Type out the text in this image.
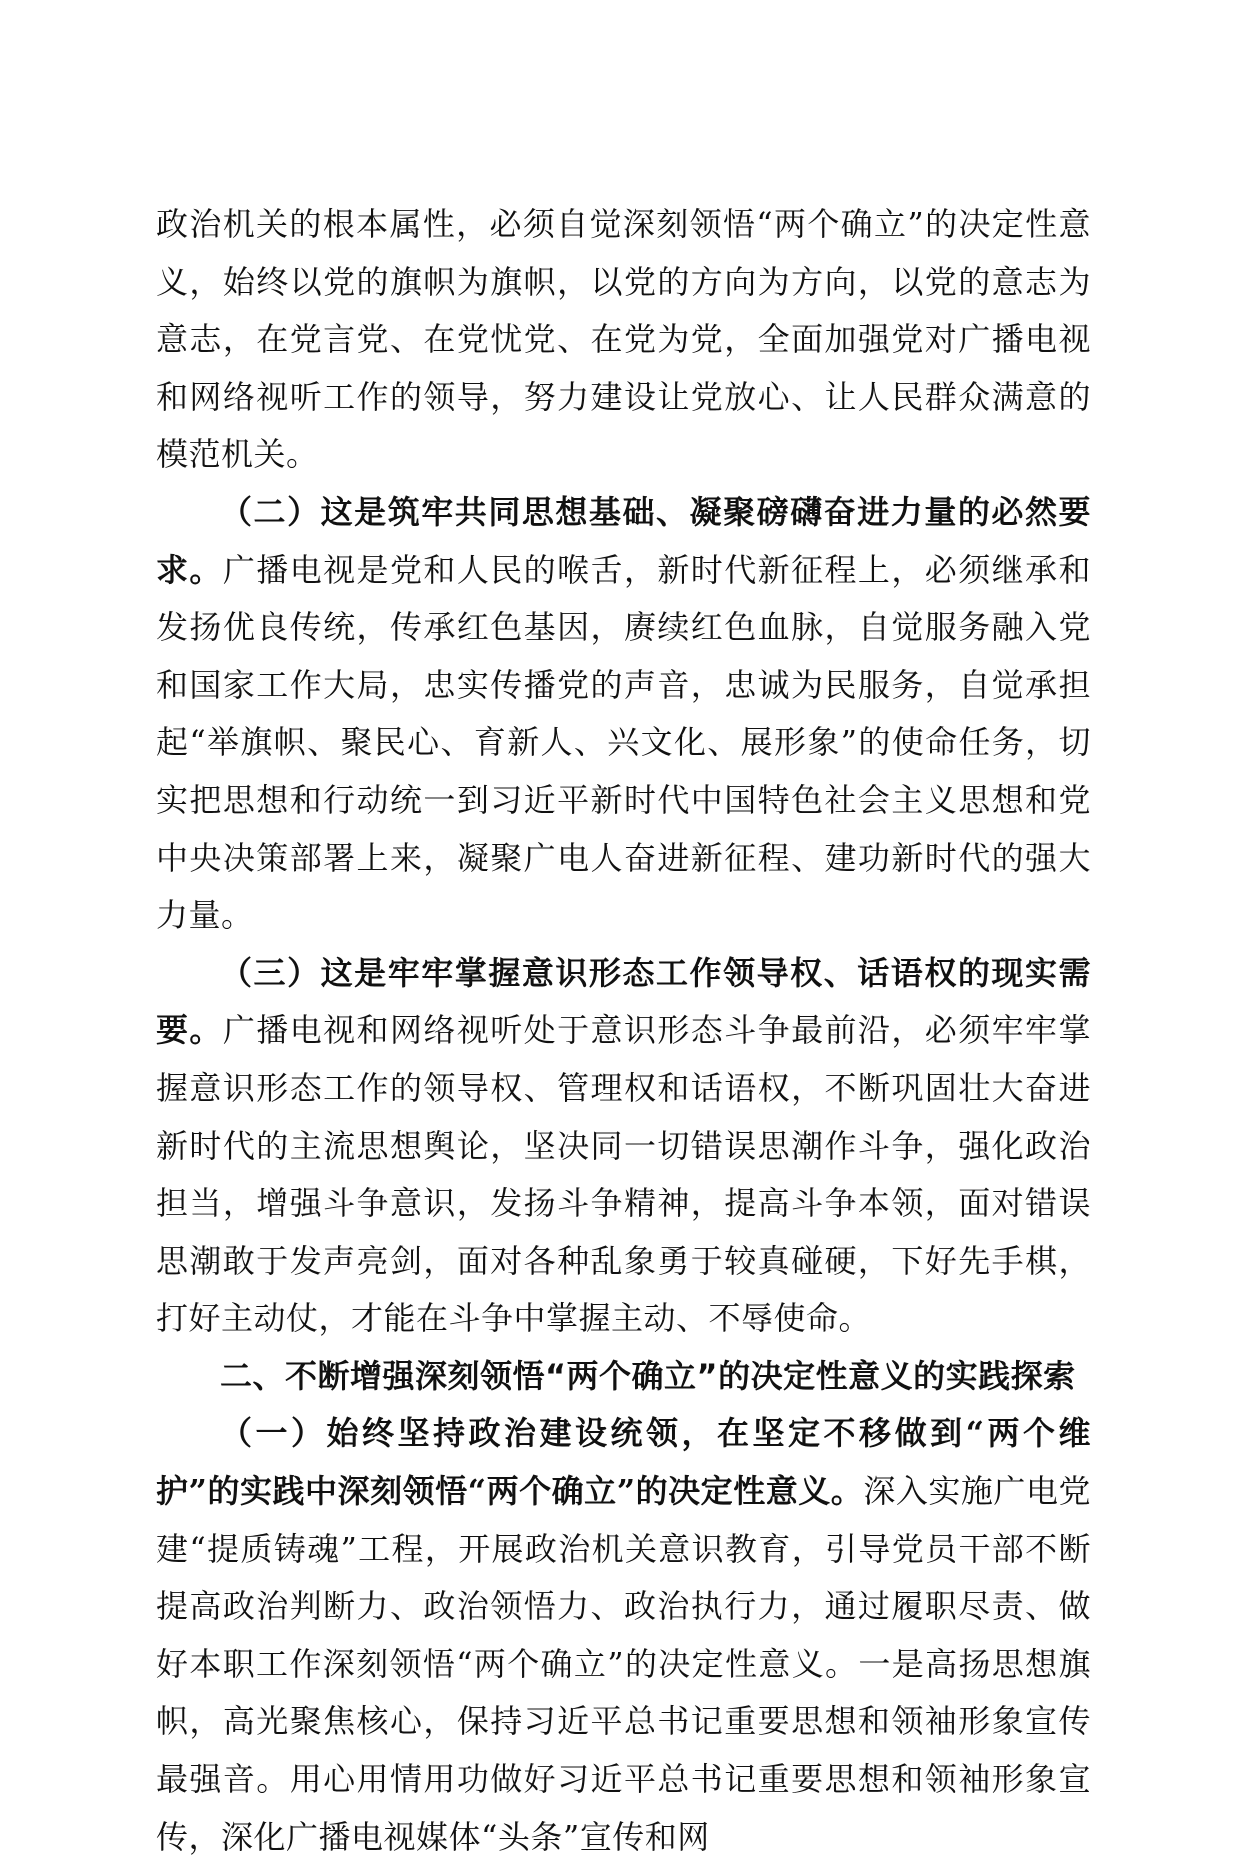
政治机关的根本属性，必须自觉深刻领悟“两个确立”的决定性意义，始终以党的旗帜为旗帜，以党的方向为方向，以党的意志为意志，在党言党、在党忧党、在党为党，全面加强党对广播电视和网络视听工作的领导，努力建设让党放心、让人民群众满意的模范机关。

（二）这是筑牢共同思想基础、凝聚磅礴奋进力量的必然要求。广播电视是党和人民的喉舌，新时代新征程上，必须继承和发扬优良传统，传承红色基因，赓续红色血脉，自觉服务融入党和国家工作大局，忠实传播党的声音，忠诚为民服务，自觉承担起“举旗帜、聚民心、育新人、兴文化、展形象”的使命任务，切实把思想和行动统一到习近平新时代中国特色社会主义思想和党中央决策部署上来，凝聚广电人奋进新征程、建功新时代的强大力量。

（三）这是牢牢掌握意识形态工作领导权、话语权的现实需要。广播电视和网络视听处于意识形态斗争最前沿，必须牢牢掌握意识形态工作的领导权、管理权和话语权，不断巩固壮大奋进新时代的主流思想舆论，坚决同一切错误思潮作斗争，强化政治担当，增强斗争意识，发扬斗争精神，提高斗争本领，面对错误思潮敢于发声亮剑，面对各种乱象勇于较真碰硬，下好先手棋，打好主动仗，才能在斗争中掌握主动、不辱使命。

二、不断增强深刻领悟“两个确立”的决定性意义的实践探索

（一）始终坚持政治建设统领，在坚定不移做到“两个维护”的实践中深刻领悟“两个确立”的决定性意义。深入实施广电党建“提质铸魂”工程，开展政治机关意识教育，引导党员干部不断提高政治判断力、政治领悟力、政治执行力，通过履职尽责、做好本职工作深刻领悟“两个确立”的决定性意义。一是高扬思想旗帜，高光聚焦核心，保持习近平总书记重要思想和领袖形象宣传最强音。用心用情用功做好习近平总书记重要思想和领袖形象宣传，深化广播电视媒体“头条”宣传和网
